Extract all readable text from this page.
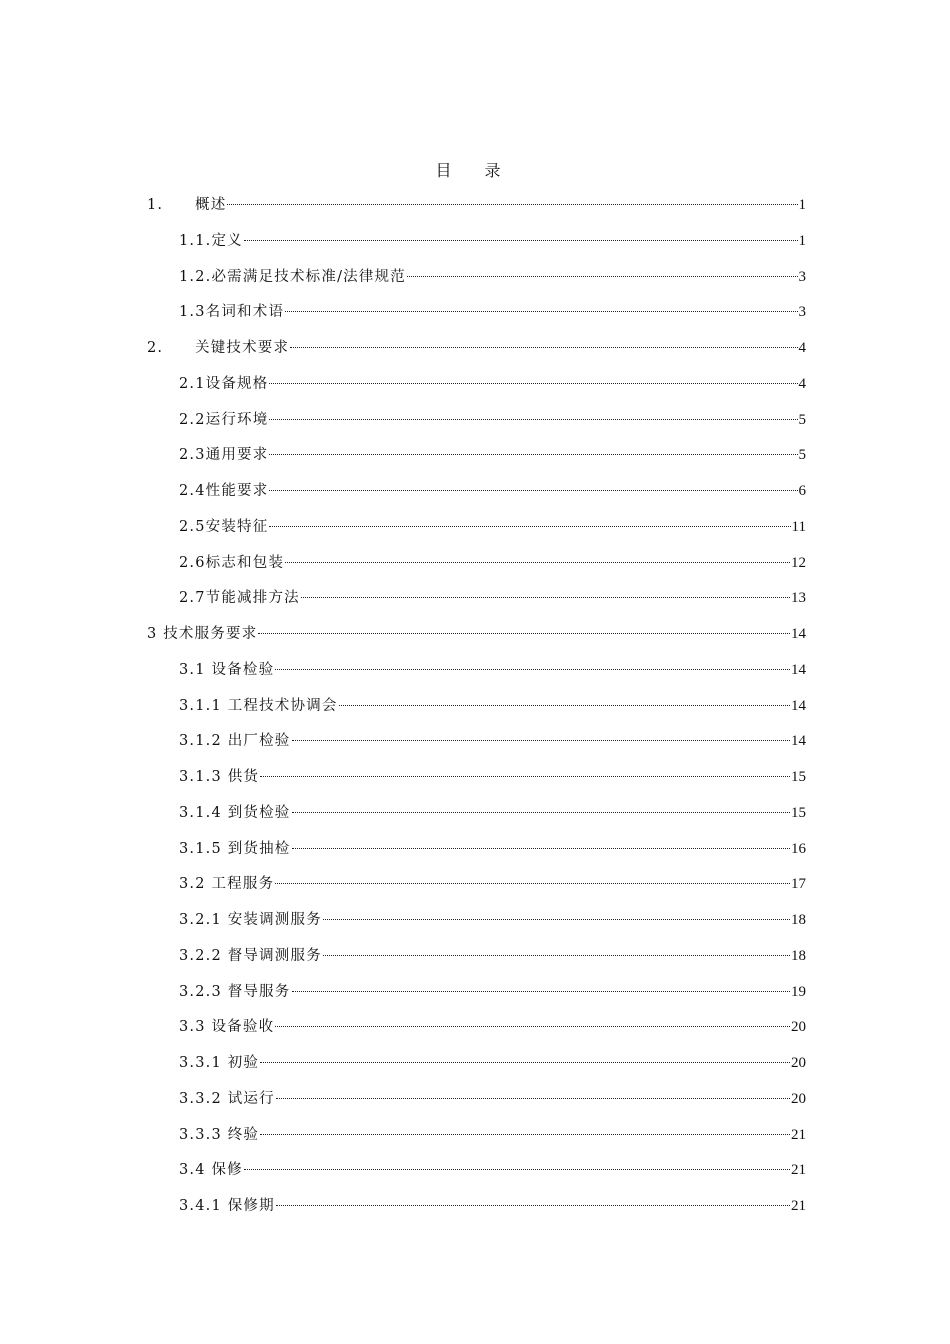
目 录
1. 概述	1
1.1.定义	1
1.2.必需满足技术标准/法律规范	3
1.3名词和术语	3
2. 关键技术要求	4
2.1设备规格	4
2.2运行环境	5
2.3通用要求	5
2.4性能要求	6
2.5安装特征	11
2.6标志和包装	12
2.7节能减排方法	13
3 技术服务要求	14
3.1 设备检验	14
3.1.1 工程技术协调会	14
3.1.2 出厂检验	14
3.1.3 供货	15
3.1.4 到货检验	15
3.1.5 到货抽检	16
3.2 工程服务	17
3.2.1 安装调测服务	18
3.2.2 督导调测服务	18
3.2.3 督导服务	19
3.3 设备验收	20
3.3.1 初验	20
3.3.2 试运行	20
3.3.3 终验	21
3.4 保修	21
3.4.1 保修期	21
